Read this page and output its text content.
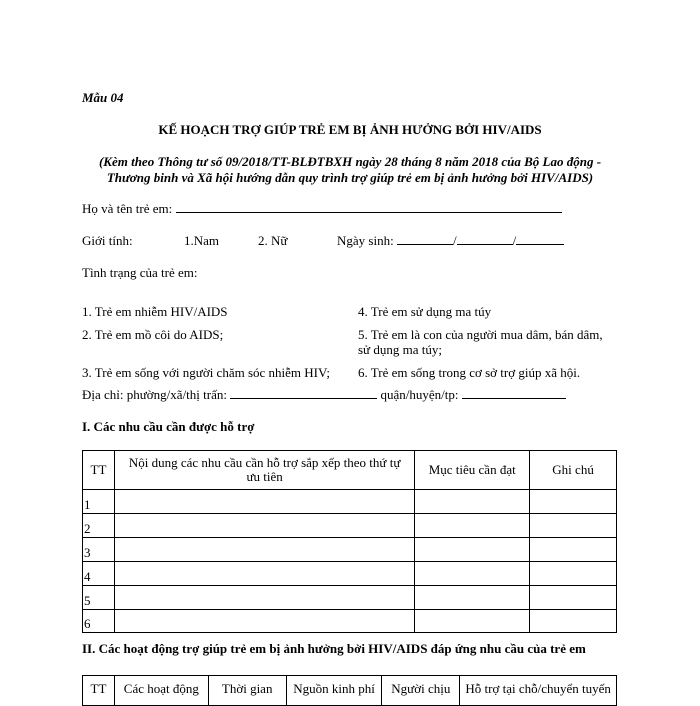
Mẫu 04
KẾ HOẠCH TRỢ GIÚP TRẺ EM BỊ ẢNH HƯỞNG BỞI HIV/AIDS
(Kèm theo Thông tư số 09/2018/TT-BLĐTBXH ngày 28 tháng 8 năm 2018 của Bộ Lao động -
Thương binh và Xã hội hướng dẫn quy trình trợ giúp trẻ em bị ảnh hưởng bởi HIV/AIDS)
Họ và tên trẻ em:
Giới tính:	1.Nam	2. Nữ	Ngày sinh:	/	/
Tình trạng của trẻ em:
1. Trẻ em nhiễm HIV/AIDS	4. Trẻ em sử dụng ma túy
2. Trẻ em mồ côi do AIDS;	5. Trẻ em là con của người mua dâm, bán dâm,
sử dụng ma túy;
3. Trẻ em sống với người chăm sóc nhiễm HIV; 6. Trẻ em sống trong cơ sở trợ giúp xã hội.
Địa chỉ: phường/xã/thị trấn:	quận/huyện/tp:
I. Các nhu cầu cần được hỗ trợ
TT	Nội dung các nhu cầu cần hỗ trợ sắp xếp theo thứ tự
ưu tiên	Mục tiêu cần đạt	Ghi chú
1			
2			
3			
4			
5			
6			
II. Các hoạt động trợ giúp trẻ em bị ảnh hưởng bởi HIV/AIDS đáp ứng nhu cầu của trẻ em
TT	Các hoạt động	Thời gian	Nguồn kinh phí	Người chịu	Hỗ trợ tại chỗ/chuyển tuyến
